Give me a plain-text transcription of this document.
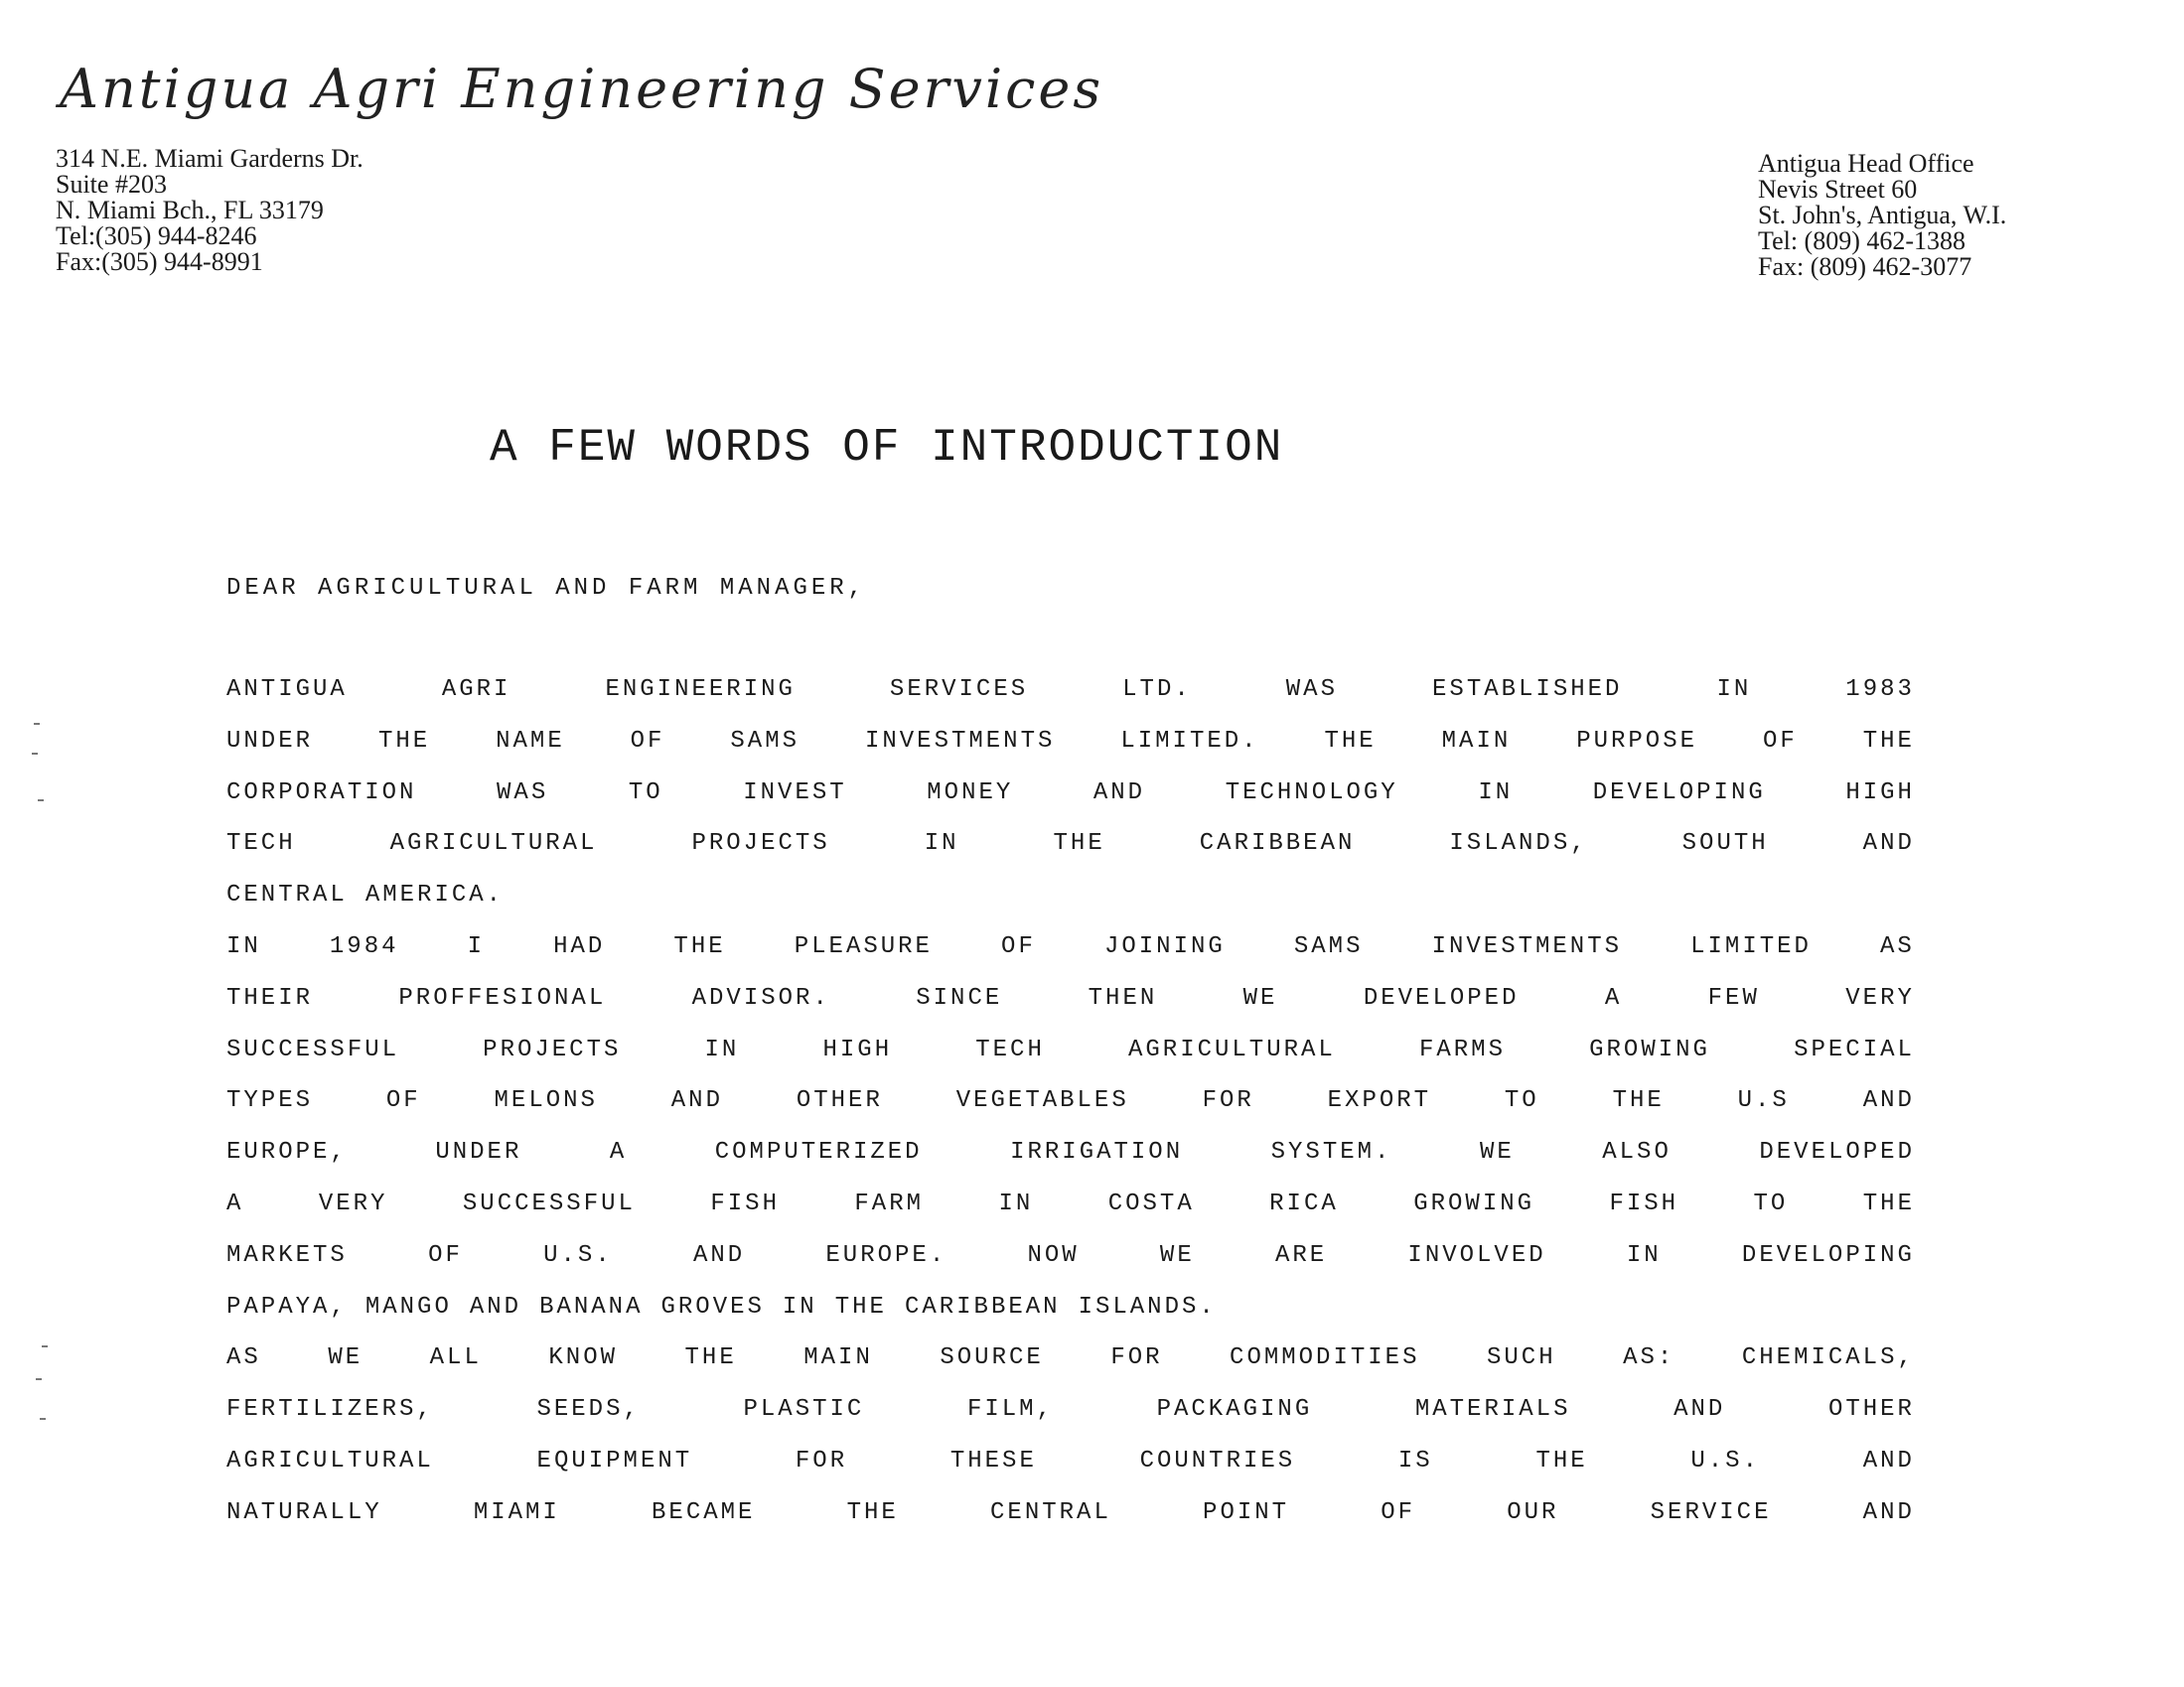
Antigua Agri Engineering Services
314 N.E. Miami Garderns Dr.
Suite #203
N. Miami Bch., FL 33179
Tel:(305) 944-8246
Fax:(305) 944-8991
Antigua Head Office
Nevis Street 60
St. John's, Antigua, W.I.
Tel: (809) 462-1388
Fax: (809) 462-3077
A FEW WORDS OF INTRODUCTION
DEAR AGRICULTURAL AND FARM MANAGER,
ANTIGUA	AGRI	ENGINEERING	SERVICES	LTD.	WAS	ESTABLISHED	IN	1983
UNDER	THE	NAME	OF	SAMS	INVESTMENTS	LIMITED.	THE	MAIN	PURPOSE	OF	THE
CORPORATION	WAS	TO	INVEST	MONEY	AND	TECHNOLOGY	IN	DEVELOPING	HIGH
TECH	AGRICULTURAL	PROJECTS	IN	THE	CARIBBEAN	ISLANDS,	SOUTH	AND
CENTRAL AMERICA.
IN	1984	I	HAD	THE	PLEASURE	OF	JOINING	SAMS	INVESTMENTS	LIMITED	AS
THEIR	PROFFESIONAL	ADVISOR.	SINCE	THEN	WE	DEVELOPED	A	FEW	VERY
SUCCESSFUL	PROJECTS	IN	HIGH	TECH	AGRICULTURAL	FARMS	GROWING	SPECIAL
TYPES	OF	MELONS	AND	OTHER	VEGETABLES	FOR	EXPORT	TO	THE	U.S	AND
EUROPE,	UNDER	A	COMPUTERIZED	IRRIGATION	SYSTEM.	WE	ALSO	DEVELOPED
A	VERY	SUCCESSFUL	FISH	FARM	IN	COSTA	RICA	GROWING	FISH	TO	THE
MARKETS	OF	U.S.	AND	EUROPE.	NOW	WE	ARE	INVOLVED	IN	DEVELOPING
PAPAYA, MANGO AND BANANA GROVES IN THE CARIBBEAN ISLANDS.
AS	WE	ALL	KNOW	THE	MAIN	SOURCE	FOR	COMMODITIES	SUCH	AS:	CHEMICALS,
FERTILIZERS,	SEEDS,	PLASTIC	FILM,	PACKAGING	MATERIALS	AND	OTHER
AGRICULTURAL	EQUIPMENT	FOR	THESE	COUNTRIES	IS	THE	U.S.	AND
NATURALLY	MIAMI	BECAME	THE	CENTRAL	POINT	OF	OUR	SERVICE	AND
